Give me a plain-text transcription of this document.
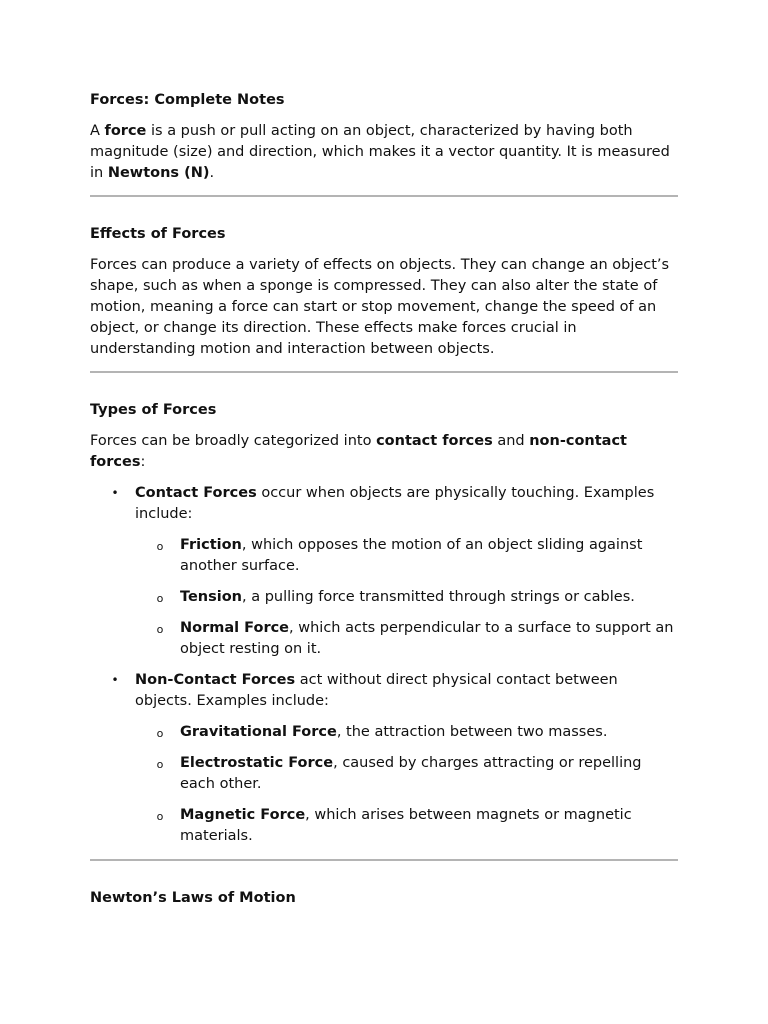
Forces: Complete Notes

A force is a push or pull acting on an object, characterized by having both magnitude (size) and direction, which makes it a vector quantity. It is measured in Newtons (N).

Effects of Forces

Forces can produce a variety of effects on objects. They can change an object’s shape, such as when a sponge is compressed. They can also alter the state of motion, meaning a force can start or stop movement, change the speed of an object, or change its direction. These effects make forces crucial in understanding motion and interaction between objects.

Types of Forces

Forces can be broadly categorized into contact forces and non-contact forces:

• Contact Forces occur when objects are physically touching. Examples include:
o Friction, which opposes the motion of an object sliding against another surface.
o Tension, a pulling force transmitted through strings or cables.
o Normal Force, which acts perpendicular to a surface to support an object resting on it.
• Non-Contact Forces act without direct physical contact between objects. Examples include:
o Gravitational Force, the attraction between two masses.
o Electrostatic Force, caused by charges attracting or repelling each other.
o Magnetic Force, which arises between magnets or magnetic materials.
Newton’s Laws of Motion
